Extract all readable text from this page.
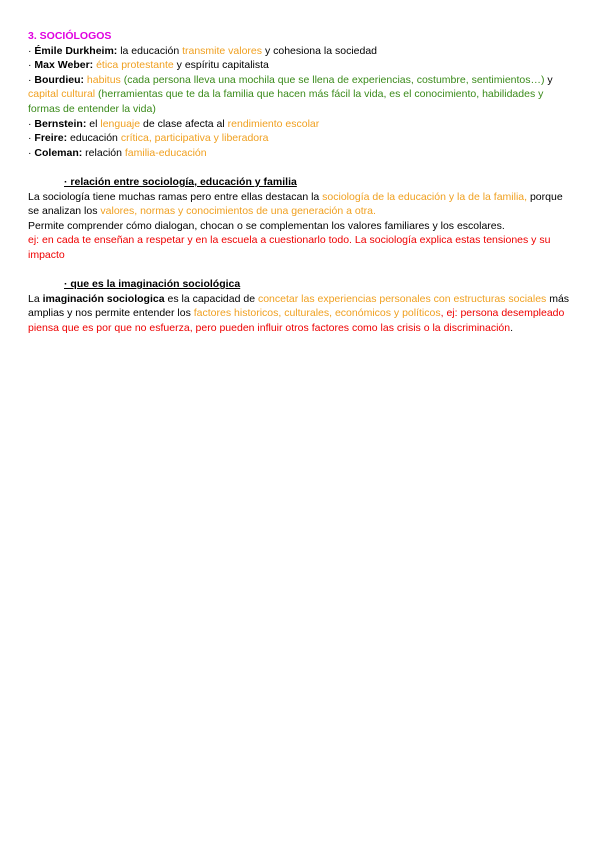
3. SOCIÓLOGOS
· Émile Durkheim: la educación transmite valores y cohesiona la sociedad
· Max Weber: ética protestante y espíritu capitalista
· Bourdieu: habitus (cada persona lleva una mochila que se llena de experiencias, costumbre, sentimientos…) y capital cultural (herramientas que te da la familia que hacen más fácil la vida, es el conocimiento, habilidades y formas de entender la vida)
· Bernstein: el lenguaje de clase afecta al rendimiento escolar
· Freire: educación crítica, participativa y liberadora
· Coleman: relación familia-educación
· relación entre sociología, educación y familia
La sociología tiene muchas ramas pero entre ellas destacan la sociología de la educación y la de la familia, porque se analizan los valores, normas y conocimientos de una generación a otra.
Permite comprender cómo dialogan, chocan o se complementan los valores familiares y los escolares.
ej: en cada te enseñan a respetar y en la escuela a cuestionarlo todo. La sociología explica estas tensiones y su impacto
· que es la imaginación sociológica
La imaginación sociologica es la capacidad de concetar las experiencias personales con estructuras sociales más amplias y nos permite entender los factores historicos, culturales, económicos y políticos, ej: persona desempleado piensa que es por que no esfuerza, pero pueden influir otros factores como las crisis o la discriminación.
